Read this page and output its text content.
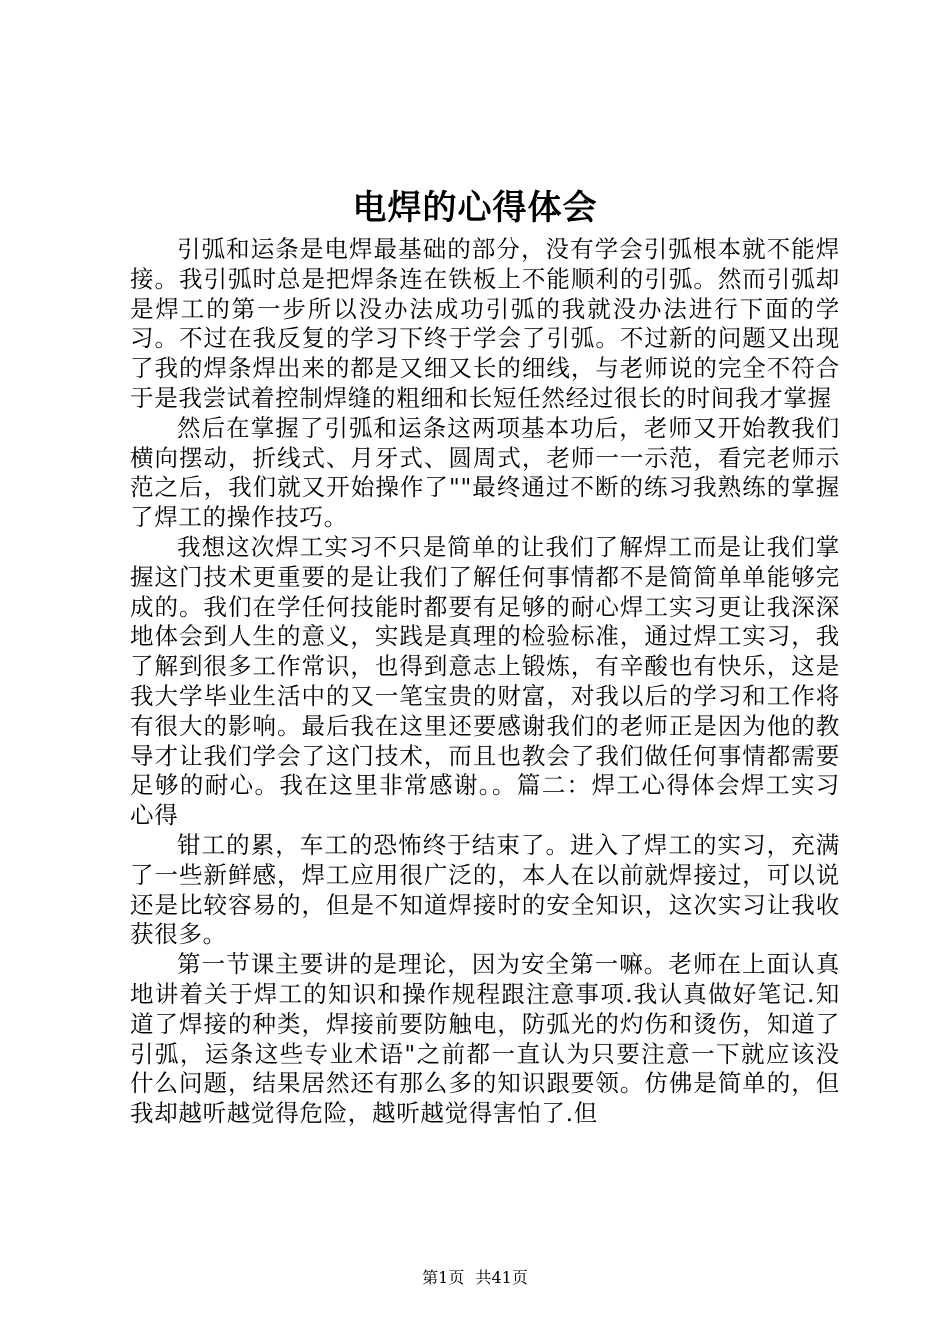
电焊的心得体会

引弧和运条是电焊最基础的部分，没有学会引弧根本就不能焊接。我引弧时总是把焊条连在铁板上不能顺利的引弧。然而引弧却是焊工的第一步所以没办法成功引弧的我就没办法进行下面的学习。不过在我反复的学习下终于学会了引弧。不过新的问题又出现了我的焊条焊出来的都是又细又长的细线，与老师说的完全不符合于是我尝试着控制焊缝的粗细和长短任然经过很长的时间我才掌握

然后在掌握了引弧和运条这两项基本功后，老师又开始教我们横向摆动，折线式、月牙式、圆周式，老师一一示范，看完老师示范之后，我们就又开始操作了""最终通过不断的练习我熟练的掌握了焊工的操作技巧。

我想这次焊工实习不只是简单的让我们了解焊工而是让我们掌握这门技术更重要的是让我们了解任何事情都不是简简单单能够完成的。我们在学任何技能时都要有足够的耐心焊工实习更让我深深地体会到人生的意义，实践是真理的检验标准，通过焊工实习，我了解到很多工作常识，也得到意志上锻炼，有辛酸也有快乐，这是我大学毕业生活中的又一笔宝贵的财富，对我以后的学习和工作将有很大的影响。最后我在这里还要感谢我们的老师正是因为他的教导才让我们学会了这门技术，而且也教会了我们做任何事情都需要足够的耐心。我在这里非常感谢。。篇二：焊工心得体会焊工实习心得

钳工的累，车工的恐怖终于结束了。进入了焊工的实习，充满了一些新鲜感，焊工应用很广泛的，本人在以前就焊接过，可以说还是比较容易的，但是不知道焊接时的安全知识，这次实习让我收获很多。

第一节课主要讲的是理论，因为安全第一嘛。老师在上面认真地讲着关于焊工的知识和操作规程跟注意事项.我认真做好笔记.知道了焊接的种类，焊接前要防触电，防弧光的灼伤和烫伤，知道了引弧，运条这些专业术语"之前都一直认为只要注意一下就应该没什么问题，结果居然还有那么多的知识跟要领。仿佛是简单的，但我却越听越觉得危险，越听越觉得害怕了.但

第1页 共41页
